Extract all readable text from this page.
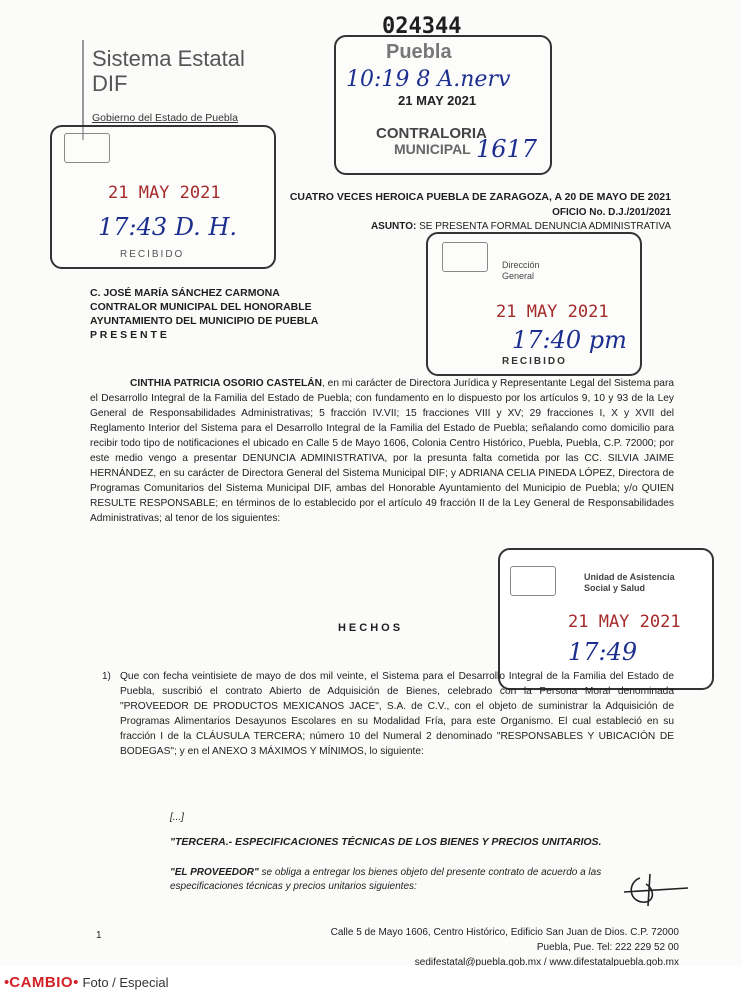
Sistema Estatal
DIF
Gobierno del Estado de Puebla
024344
Puebla
21 MAY 2021
10:19 8 A.nerv
CONTRALORIA
MUNICIPAL 1617
21 MAY 2021
17:43 D. H.
RECIBIDO
CUATRO VECES HEROICA PUEBLA DE ZARAGOZA, A 20 DE MAYO DE 2021
OFICIO No. D.J./201/2021
ASUNTO: SE PRESENTA FORMAL DENUNCIA ADMINISTRATIVA
Dirección General
21 MAY 2021
17:40 pm
RECIBIDO
C. JOSÉ MARÍA SÁNCHEZ CARMONA
CONTRALOR MUNICIPAL DEL HONORABLE
AYUNTAMIENTO DEL MUNICIPIO DE PUEBLA
P R E S E N T E
CINTHIA PATRICIA OSORIO CASTELÁN, en mi carácter de Directora Jurídica y Representante Legal del Sistema para el Desarrollo Integral de la Familia del Estado de Puebla; con fundamento en lo dispuesto por los artículos 9, 10 y 93 de la Ley General de Responsabilidades Administrativas; 5 fracción IV.VII; 15 fracciones VIII y XV; 29 fracciones I, X y XVII del Reglamento Interior del Sistema para el Desarrollo Integral de la Familia del Estado de Puebla; señalando como domicilio para recibir todo tipo de notificaciones el ubicado en Calle 5 de Mayo 1606, Colonia Centro Histórico, Puebla, Puebla, C.P. 72000; por este medio vengo a presentar DENUNCIA ADMINISTRATIVA, por la presunta falta cometida por las CC. SILVIA JAIME HERNÁNDEZ, en su carácter de Directora General del Sistema Municipal DIF; y ADRIANA CELIA PINEDA LÓPEZ, Directora de Programas Comunitarios del Sistema Municipal DIF, ambas del Honorable Ayuntamiento del Municipio de Puebla; y/o QUIEN RESULTE RESPONSABLE; en términos de lo establecido por el artículo 49 fracción II de la Ley General de Responsabilidades Administrativas; al tenor de los siguientes:
Unidad de Asistencia
Social y Salud
21 MAY 2021
17:49
HECHOS
1) Que con fecha veintisiete de mayo de dos mil veinte, el Sistema para el Desarrollo Integral de la Familia del Estado de Puebla, suscribió el contrato Abierto de Adquisición de Bienes, celebrado con la Persona Moral denominada "PROVEEDOR DE PRODUCTOS MEXICANOS JACE", S.A. de C.V., con el objeto de suministrar la Adquisición de Programas Alimentarios Desayunos Escolares en su Modalidad Fría, para este Organismo. El cual estableció en su fracción I de la CLÁUSULA TERCERA; número 10 del Numeral 2 denominado "RESPONSABLES Y UBICACIÓN DE BODEGAS"; y en el ANEXO 3 MÁXIMOS Y MÍNIMOS, lo siguiente:
[...]
"TERCERA.- ESPECIFICACIONES TÉCNICAS DE LOS BIENES Y PRECIOS UNITARIOS.
"EL PROVEEDOR" se obliga a entregar los bienes objeto del presente contrato de acuerdo a las especificaciones técnicas y precios unitarios siguientes:
1	Calle 5 de Mayo 1606, Centro Histórico, Edificio San Juan de Dios. C.P. 72000
Puebla, Pue. Tel: 222 229 52 00
sedifestatal@puebla.gob.mx / www.difestatalpuebla.gob.mx
•CAMBIO• Foto / Especial
